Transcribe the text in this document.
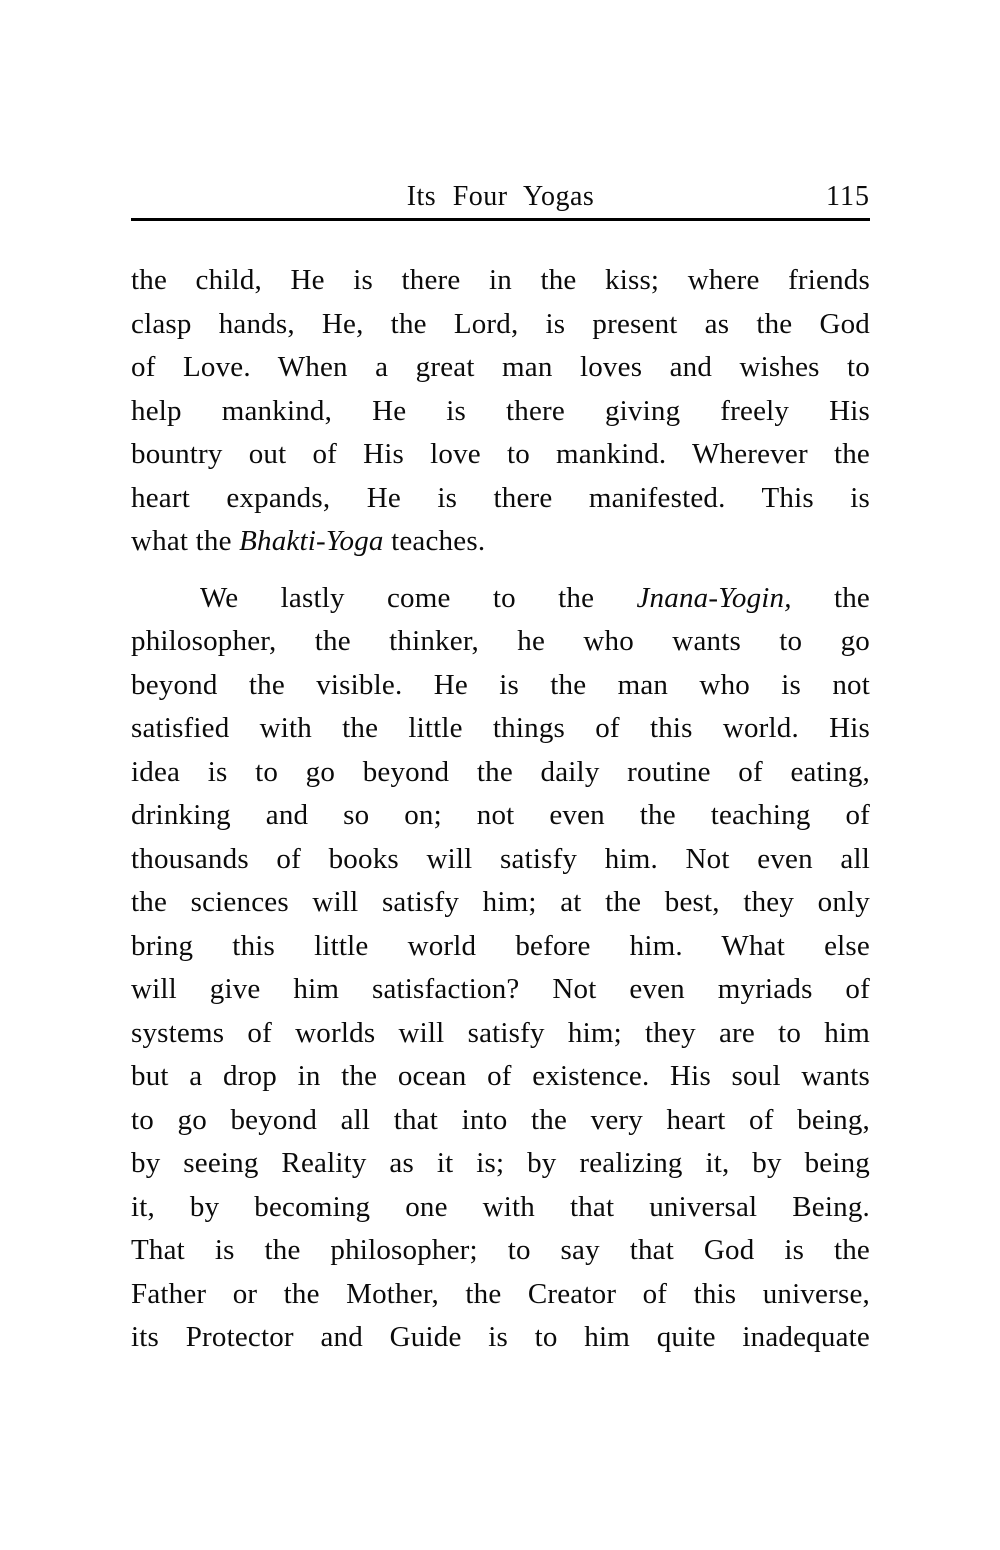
Its Four Yogas	115
the child, He is there in the kiss; where friends
clasp hands, He, the Lord, is present as the God
of Love. When a great man loves and wishes to
help mankind, He is there giving freely His
bountry out of His love to mankind. Wherever the
heart expands, He is there manifested. This is
what the Bhakti-Yoga teaches.
We lastly come to the Jnana-Yogin, the
philosopher, the thinker, he who wants to go
beyond the visible. He is the man who is not
satisfied with the little things of this world. His
idea is to go beyond the daily routine of eating,
drinking and so on; not even the teaching of
thousands of books will satisfy him. Not even all
the sciences will satisfy him; at the best, they only
bring this little world before him. What else
will give him satisfaction? Not even myriads of
systems of worlds will satisfy him; they are to him
but a drop in the ocean of existence. His soul wants
to go beyond all that into the very heart of being,
by seeing Reality as it is; by realizing it, by being
it, by becoming one with that universal Being.
That is the philosopher; to say that God is the
Father or the Mother, the Creator of this universe,
its Protector and Guide is to him quite inadequate
